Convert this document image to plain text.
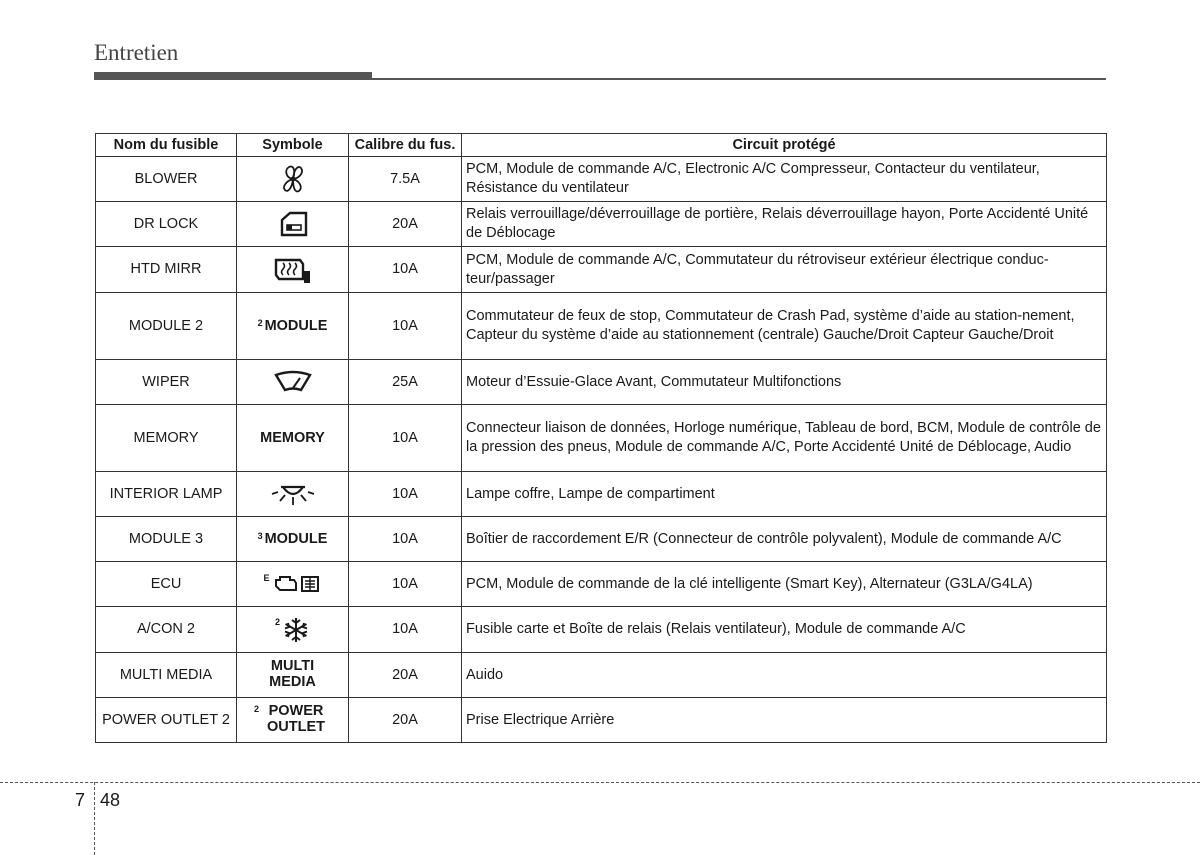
Entretien
Nom du fusible	Symbole	Calibre du fus.	Circuit protégé
BLOWER		7.5A	PCM, Module de commande A/C, Electronic A/C Compresseur, Contacteur du ventilateur, Résistance du ventilateur
DR LOCK		20A	Relais verrouillage/déverrouillage de portière, Relais déverrouillage hayon, Porte Accidenté Unité de Déblocage
HTD MIRR		10A	PCM, Module de commande A/C, Commutateur du rétroviseur extérieur électrique conduc-teur/passager
MODULE 2	$^2$ MODULE	10A	Commutateur de feux de stop, Commutateur de Crash Pad, système d’aide au station-nement, Capteur du système d’aide au stationnement (centrale) Gauche/Droit Capteur Gauche/Droit
WIPER		25A	Moteur d’Essuie-Glace Avant, Commutateur Multifonctions
MEMORY	MEMORY	10A	Connecteur liaison de données, Horloge numérique, Tableau de bord, BCM, Module de contrôle de la pression des pneus, Module de commande A/C, Porte Accidenté Unité de Déblocage, Audio
INTERIOR LAMP		10A	Lampe coffre, Lampe de compartiment
MODULE 3	$^3$ MODULE	10A	Boîtier de raccordement E/R (Connecteur de contrôle polyvalent), Module de commande A/C
ECU	$^E$	10A	PCM, Module de commande de la clé intelligente (Smart Key), Alternateur (G3LA/G4LA)
A/CON 2	$^2$	10A	Fusible carte et Boîte de relais (Relais ventilateur), Module de commande A/C
MULTI MEDIA	MULTI MEDIA	20A	Auido
POWER OUTLET 2	$^2$ POWER OUTLET	20A	Prise Electrique Arrière
7 48
